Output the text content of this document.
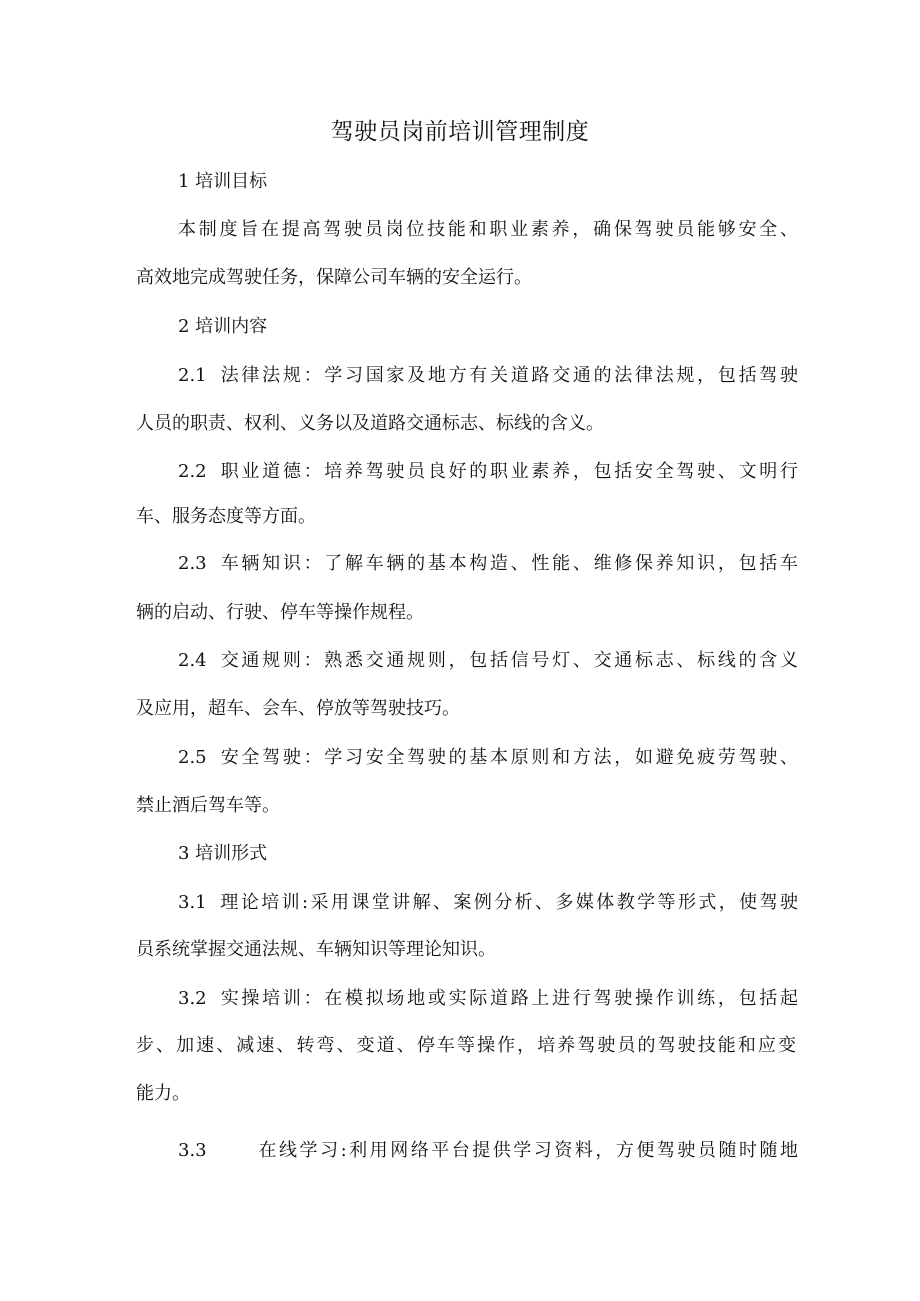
驾驶员岗前培训管理制度
1 培训目标
本制度旨在提高驾驶员岗位技能和职业素养，确保驾驶员能够安全、
高效地完成驾驶任务，保障公司车辆的安全运行。
2 培训内容
2.1 法律法规：学习国家及地方有关道路交通的法律法规，包括驾驶
人员的职责、权利、义务以及道路交通标志、标线的含义。
2.2 职业道德：培养驾驶员良好的职业素养，包括安全驾驶、文明行
车、服务态度等方面。
2.3 车辆知识：了解车辆的基本构造、性能、维修保养知识，包括车
辆的启动、行驶、停车等操作规程。
2.4 交通规则：熟悉交通规则，包括信号灯、交通标志、标线的含义
及应用，超车、会车、停放等驾驶技巧。
2.5 安全驾驶：学习安全驾驶的基本原则和方法，如避免疲劳驾驶、
禁止酒后驾车等。
3 培训形式
3.1 理论培训:采用课堂讲解、案例分析、多媒体教学等形式，使驾驶
员系统掌握交通法规、车辆知识等理论知识。
3.2 实操培训：在模拟场地或实际道路上进行驾驶操作训练，包括起
步、加速、减速、转弯、变道、停车等操作，培养驾驶员的驾驶技能和应变
能力。
3.3	在线学习:利用网络平台提供学习资料，方便驾驶员随时随地
